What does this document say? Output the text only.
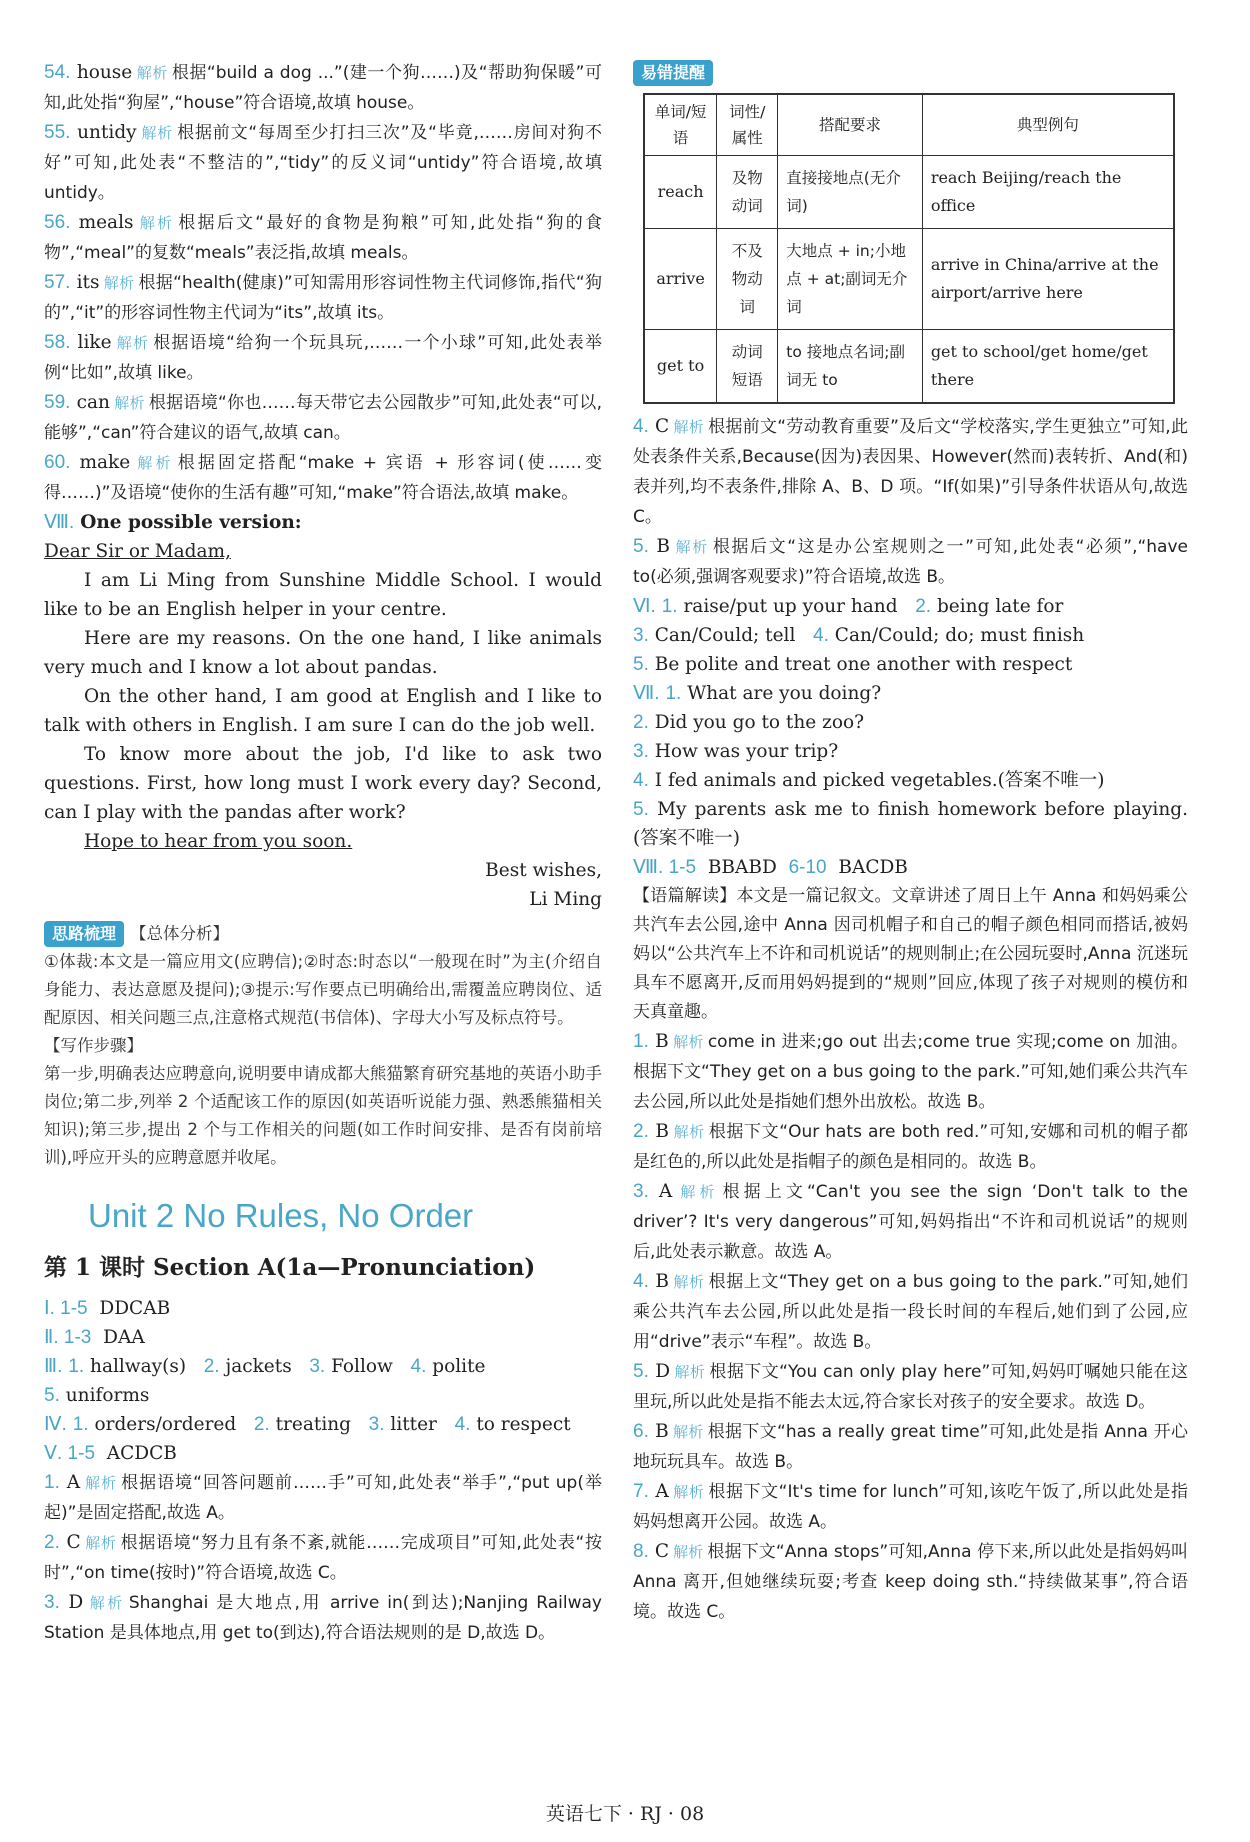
54. house 解析 根据“build a dog ...”(建一个狗……)及“帮助狗保暖”可知,此处指“狗屋”,“house”符合语境,故填 house。

55. untidy 解析 根据前文“每周至少打扫三次”及“毕竟,……房间对狗不好”可知,此处表“不整洁的”,“tidy”的反义词“untidy”符合语境,故填 untidy。

56. meals 解析 根据后文“最好的食物是狗粮”可知,此处指“狗的食物”,“meal”的复数“meals”表泛指,故填 meals。

57. its 解析 根据“health(健康)”可知需用形容词性物主代词修饰,指代“狗的”,“it”的形容词性物主代词为“its”,故填 its。

58. like 解析 根据语境“给狗一个玩具玩,……一个小球”可知,此处表举例“比如”,故填 like。

59. can 解析 根据语境“你也……每天带它去公园散步”可知,此处表“可以,能够”,“can”符合建议的语气,故填 can。

60. make 解析 根据固定搭配“make + 宾语 + 形容词(使……变得……)”及语境“使你的生活有趣”可知,“make”符合语法,故填 make。

Ⅷ. One possible version:
Dear Sir or Madam,

I am Li Ming from Sunshine Middle School. I would like to be an English helper in your centre.

Here are my reasons. On the one hand, I like animals very much and I know a lot about pandas.

On the other hand, I am good at English and I like to talk with others in English. I am sure I can do the job well.

To know more about the job, I'd like to ask two questions. First, how long must I work every day? Second, can I play with the pandas after work?

Hope to hear from you soon.

Best wishes,
Li Ming
思路梳理 【总体分析】

①体裁:本文是一篇应用文(应聘信);②时态:时态以“一般现在时”为主(介绍自身能力、表达意愿及提问);③提示:写作要点已明确给出,需覆盖应聘岗位、适配原因、相关问题三点,注意格式规范(书信体)、字母大小写及标点符号。

【写作步骤】

第一步,明确表达应聘意向,说明要申请成都大熊猫繁育研究基地的英语小助手岗位;第二步,列举 2 个适配该工作的原因(如英语听说能力强、熟悉熊猫相关知识);第三步,提出 2 个与工作相关的问题(如工作时间安排、是否有岗前培训),呼应开头的应聘意愿并收尾。

Unit 2 No Rules, No Order
第 1 课时 Section A(1a—Pronunciation)
Ⅰ. 1-5 DDCAB
Ⅱ. 1-3 DAA
Ⅲ. 1. hallway(s) 2. jackets 3. Follow 4. polite
5. uniforms
Ⅳ. 1. orders/ordered 2. treating 3. litter 4. to respect
Ⅴ. 1-5 ACDCB

1. A 解析 根据语境“回答问题前……手”可知,此处表“举手”,“put up(举起)”是固定搭配,故选 A。

2. C 解析 根据语境“努力且有条不紊,就能……完成项目”可知,此处表“按时”,“on time(按时)”符合语境,故选 C。

3. D 解析 Shanghai 是大地点,用 arrive in(到达);Nanjing Railway Station 是具体地点,用 get to(到达),符合语法规则的是 D,故选 D。

易错提醒
单词/短语	词性/属性	搭配要求	典型例句
reach	及物动词	直接接地点(无介词)	reach Beijing/reach the office
arrive	不及物动词	大地点 + in;小地点 + at;副词无介词	arrive in China/arrive at the airport/arrive here
get to	动词短语	to 接地点名词;副词无 to	get to school/get home/get there

4. C 解析 根据前文“劳动教育重要”及后文“学校落实,学生更独立”可知,此处表条件关系,Because(因为)表因果、However(然而)表转折、And(和)表并列,均不表条件,排除 A、B、D 项。“If(如果)”引导条件状语从句,故选 C。

5. B 解析 根据后文“这是办公室规则之一”可知,此处表“必须”,“have to(必须,强调客观要求)”符合语境,故选 B。

Ⅵ. 1. raise/put up your hand 2. being late for
3. Can/Could; tell 4. Can/Could; do; must finish
5. Be polite and treat one another with respect
Ⅶ. 1. What are you doing?
2. Did you go to the zoo?
3. How was your trip?
4. I fed animals and picked vegetables.(答案不唯一)

5. My parents ask me to finish homework before playing.(答案不唯一)

Ⅷ. 1-5 BBABD 6-10 BACDB

【语篇解读】本文是一篇记叙文。文章讲述了周日上午 Anna 和妈妈乘公共汽车去公园,途中 Anna 因司机帽子和自己的帽子颜色相同而搭话,被妈妈以“公共汽车上不许和司机说话”的规则制止;在公园玩耍时,Anna 沉迷玩具车不愿离开,反而用妈妈提到的“规则”回应,体现了孩子对规则的模仿和天真童趣。

1. B 解析 come in 进来;go out 出去;come true 实现;come on 加油。根据下文“They get on a bus going to the park.”可知,她们乘公共汽车去公园,所以此处是指她们想外出放松。故选 B。

2. B 解析 根据下文“Our hats are both red.”可知,安娜和司机的帽子都是红色的,所以此处是指帽子的颜色是相同的。故选 B。

3. A 解析 根据上文“Can't you see the sign ‘Don't talk to the driver’? It's very dangerous”可知,妈妈指出“不许和司机说话”的规则后,此处表示歉意。故选 A。

4. B 解析 根据上文“They get on a bus going to the park.”可知,她们乘公共汽车去公园,所以此处是指一段长时间的车程后,她们到了公园,应用“drive”表示“车程”。故选 B。

5. D 解析 根据下文“You can only play here”可知,妈妈叮嘱她只能在这里玩,所以此处是指不能去太远,符合家长对孩子的安全要求。故选 D。

6. B 解析 根据下文“has a really great time”可知,此处是指 Anna 开心地玩玩具车。故选 B。

7. A 解析 根据下文“It's time for lunch”可知,该吃午饭了,所以此处是指妈妈想离开公园。故选 A。

8. C 解析 根据下文“Anna stops”可知,Anna 停下来,所以此处是指妈妈叫 Anna 离开,但她继续玩耍;考查 keep doing sth.“持续做某事”,符合语境。故选 C。

英语七下 · RJ · 08
